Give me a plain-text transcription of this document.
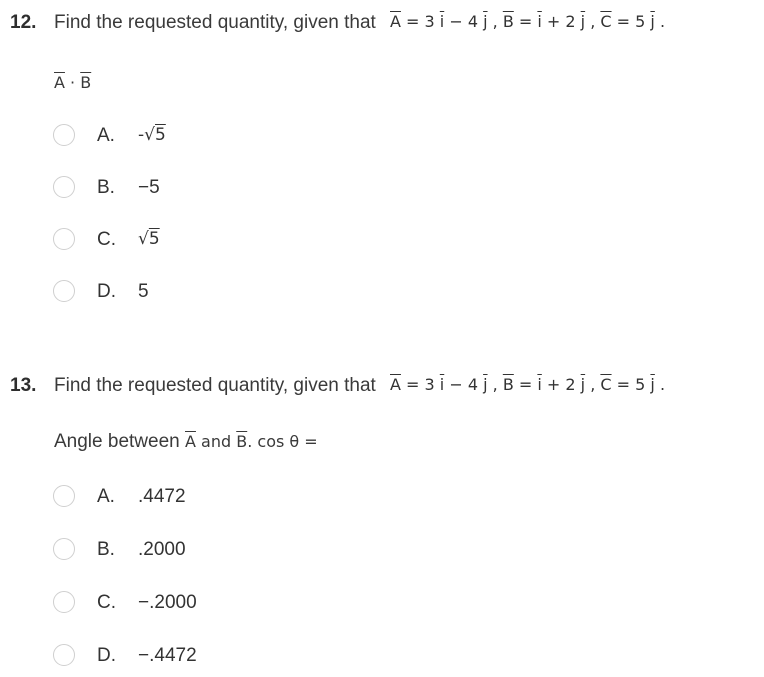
12. Find the requested quantity, given that $\overline{A} = 3$ $\overline{i} - 4$ $\overline{j}$ , $\overline{B} = \overline{i} + 2$ $\overline{j}$ , $\overline{C} = 5$ $\overline{j}$ .
$\overline{A} \cdot \overline{B}$
A. -√5
B. −5
C. √5
D. 5
13. Find the requested quantity, given that $\overline{A} = 3$ $\overline{i} - 4$ $\overline{j}$ , $\overline{B} = \overline{i} + 2$ $\overline{j}$ , $\overline{C} = 5$ $\overline{j}$ .
Angle between $\overline{A}$ and $\overline{B}$. cos θ =
A. .4472
B. .2000
C. −.2000
D. −.4472
